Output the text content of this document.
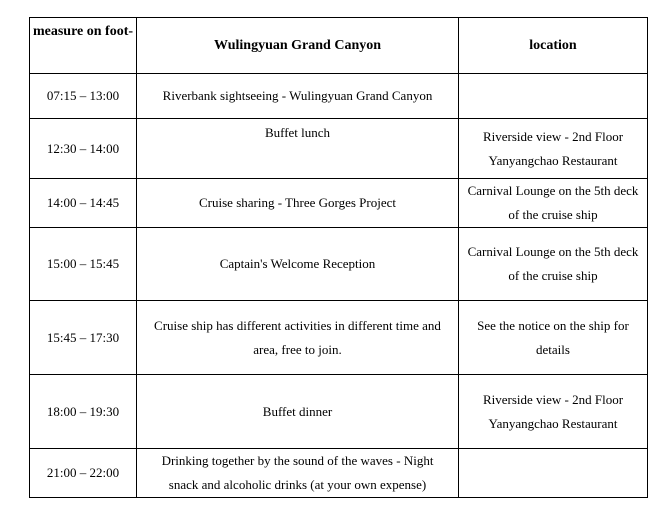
measure on foot-	Wulingyuan Grand Canyon	location
07:15 – 13:00	Riverbank sightseeing - Wulingyuan Grand Canyon	

12:30 – 14:00	Buffet lunch	Riverside view - 2nd Floor
Yanyangchao Restaurant

14:00 – 14:45	Cruise sharing - Three Gorges Project	Carnival Lounge on the 5th deck
of the cruise ship

15:00 – 15:45	Captain's Welcome Reception	Carnival Lounge on the 5th deck
of the cruise ship

15:45 – 17:30	Cruise ship has different activities in different time and
area, free to join.	See the notice on the ship for
details

18:00 – 19:30	Buffet dinner	Riverside view - 2nd Floor
Yanyangchao Restaurant

21:00 – 22:00	Drinking together by the sound of the waves - Night
snack and alcoholic drinks (at your own expense)	
